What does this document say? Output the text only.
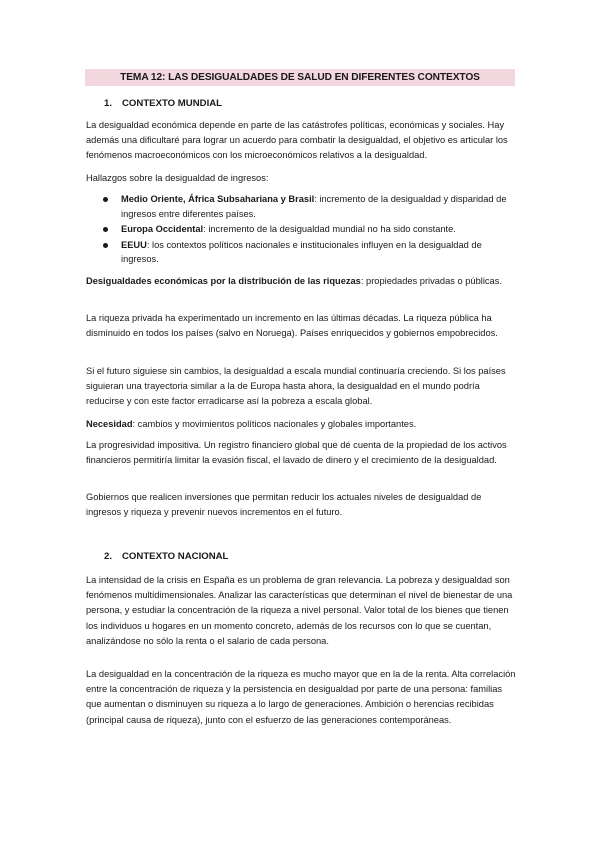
TEMA 12: LAS DESIGUALDADES DE SALUD EN DIFERENTES CONTEXTOS
1. CONTEXTO MUNDIAL
La desigualdad económica depende en parte de las catástrofes políticas, económicas y sociales. Hay además una dificultaré para lograr un acuerdo para combatir la desigualdad, el objetivo es articular los fenómenos macroeconómicos con los microeconómicos relativos a la desigualdad.
Hallazgos sobre la desigualdad de ingresos:
Medio Oriente, África Subsahariana y Brasil: incremento de la desigualdad y disparidad de ingresos entre diferentes países.
Europa Occidental: incremento de la desigualdad mundial no ha sido constante.
EEUU: los contextos políticos nacionales e institucionales influyen en la desigualdad de ingresos.
Desigualdades económicas por la distribución de las riquezas: propiedades privadas o públicas.
La riqueza privada ha experimentado un incremento en las últimas décadas. La riqueza pública ha disminuido en todos los países (salvo en Noruega). Países enriquecidos y gobiernos empobrecidos.
Si el futuro siguiese sin cambios, la desigualdad a escala mundial continuaría creciendo. Si los países siguieran una trayectoria similar a la de Europa hasta ahora, la desigualdad en el mundo podría reducirse y con este factor erradicarse así la pobreza a escala global.
Necesidad: cambios y movimientos políticos nacionales y globales importantes.
La progresividad impositiva. Un registro financiero global que dé cuenta de la propiedad de los activos financieros permitiría limitar la evasión fiscal, el lavado de dinero y el crecimiento de la desigualdad.
Gobiernos que realicen inversiones que permitan reducir los actuales niveles de desigualdad de ingresos y riqueza y prevenir nuevos incrementos en el futuro.
2. CONTEXTO NACIONAL
La intensidad de la crisis en España es un problema de gran relevancia. La pobreza y desigualdad son fenómenos multidimensionales. Analizar las características que determinan el nivel de bienestar de una persona, y estudiar la concentración de la riqueza a nivel personal. Valor total de los bienes que tienen los individuos u hogares en un momento concreto, además de los recursos con lo que se cuentan, analizándose no sólo la renta o el salario de cada persona.
La desigualdad en la concentración de la riqueza es mucho mayor que en la de la renta. Alta correlación entre la concentración de riqueza y la persistencia en desigualdad por parte de una persona: familias que aumentan o disminuyen su riqueza a lo largo de generaciones. Ambición o herencias recibidas (principal causa de riqueza), junto con el esfuerzo de las generaciones contemporáneas.
